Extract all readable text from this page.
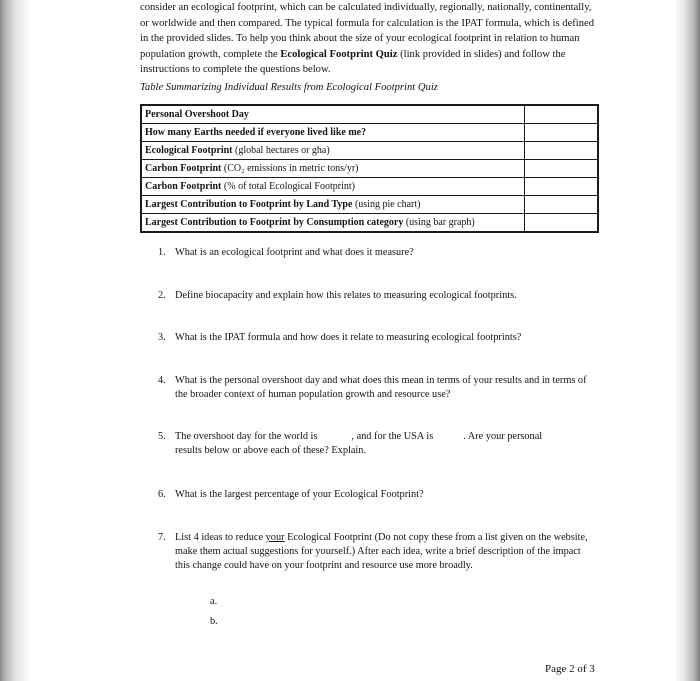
consider an ecological footprint, which can be calculated individually, regionally, nationally, continentally, or worldwide and then compared. The typical formula for calculation is the IPAT formula, which is defined in the provided slides. To help you think about the size of your ecological footprint in relation to human population growth, complete the Ecological Footprint Quiz (link provided in slides) and follow the instructions to complete the questions below.

Table Summarizing Individual Results from Ecological Footprint Quiz

Personal Overshoot Day	
How many Earths needed if everyone lived like me?	
Ecological Footprint (global hectares or gha)	
Carbon Footprint (CO₂ emissions in metric tons/yr)	
Carbon Footprint (% of total Ecological Footprint)	
Largest Contribution to Footprint by Land Type (using pie chart)	
Largest Contribution to Footprint by Consumption category (using bar graph)	
1. What is an ecological footprint and what does it measure?
2. Define biocapacity and explain how this relates to measuring ecological footprints.
3. What is the IPAT formula and how does it relate to measuring ecological footprints?
4. What is the personal overshoot day and what does this mean in terms of your results and in terms of the broader context of human population growth and resource use?
5. The overshoot day for the world is	, and for the USA is	. Are your personal
results below or above each of these? Explain.
6. What is the largest percentage of your Ecological Footprint?
7. List 4 ideas to reduce your Ecological Footprint (Do not copy these from a list given on the website, make them actual suggestions for yourself.) After each idea, write a brief description of the impact this change could have on your footprint and resource use more broadly.
a.
b.
Page 2 of 3
